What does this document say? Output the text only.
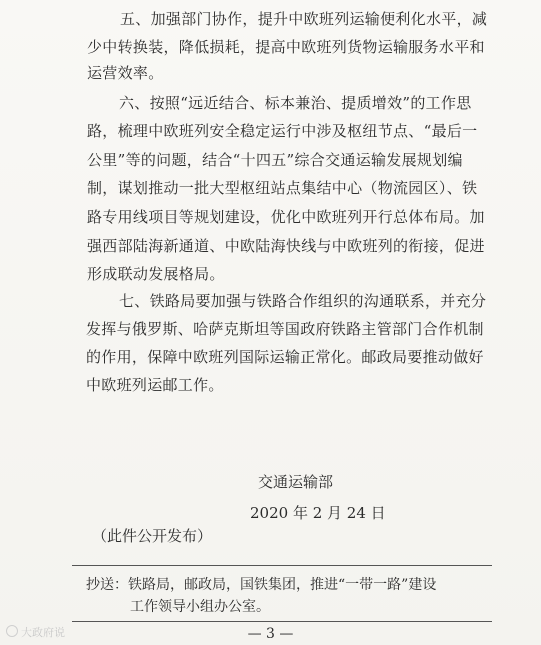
五、加强部门协作，提升中欧班列运输便利化水平，减
少中转换装，降低损耗，提高中欧班列货物运输服务水平和
运营效率。
六、按照“远近结合、标本兼治、提质增效”的工作思
路，梳理中欧班列安全稳定运行中涉及枢纽节点、“最后一
公里”等的问题，结合“十四五”综合交通运输发展规划编
制，谋划推动一批大型枢纽站点集结中心（物流园区）、铁
路专用线项目等规划建设，优化中欧班列开行总体布局。加
强西部陆海新通道、中欧陆海快线与中欧班列的衔接，促进
形成联动发展格局。
七、铁路局要加强与铁路合作组织的沟通联系，并充分
发挥与俄罗斯、哈萨克斯坦等国政府铁路主管部门合作机制
的作用，保障中欧班列国际运输正常化。邮政局要推动做好
中欧班列运邮工作。
交通运输部
2020 年 2 月 24 日
（此件公开发布）
抄送：铁路局，邮政局，国铁集团，推进“一带一路”建设
工作领导小组办公室。
— 3 —
大政府说
